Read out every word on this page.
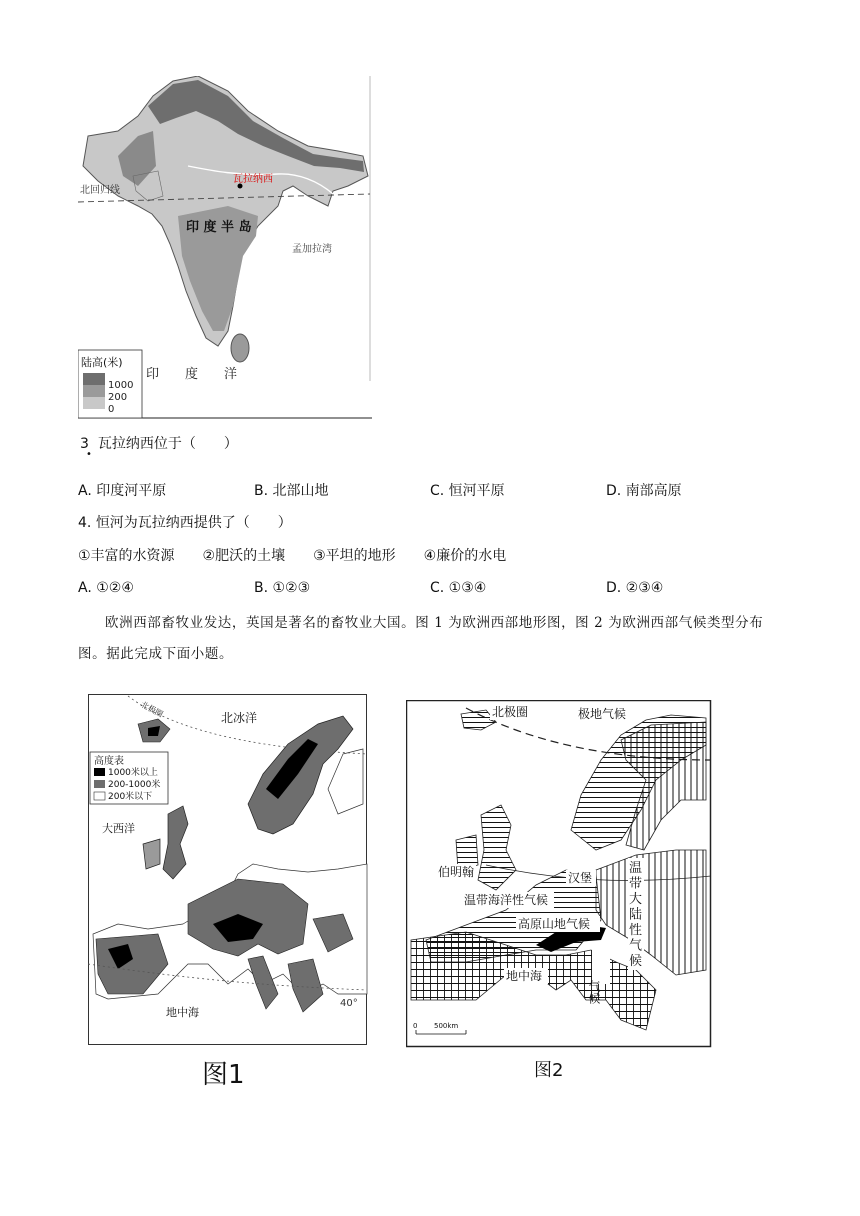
瓦拉纳西
北回归线
印 度 半 岛
孟加拉湾
印　　度　　洋
陆高(米)
1000
200
0
3 瓦拉纳西位于（　　）
•
A. 印度河平原	B. 北部山地	C. 恒河平原	D. 南部高原
4. 恒河为瓦拉纳西提供了（　　）
①丰富的水资源　　②肥沃的土壤　　③平坦的地形　　④廉价的水电
A. ①②④	B. ①②③	C. ①③④	D. ②③④
欧洲西部畜牧业发达，英国是著名的畜牧业大国。图 1 为欧洲西部地形图，图 2 为欧洲西部气候类型分布图。据此完成下面小题。
北极圈	北冰洋
大西洋
40°
地中海
高度表
1000米以上
200-1000米
200米以下
图1
北极圈	极地气候
伯明翰	汉堡
温带海洋性气候
高原山地气候
温带大陆性气候
地中海
气候
0 500km
图2
